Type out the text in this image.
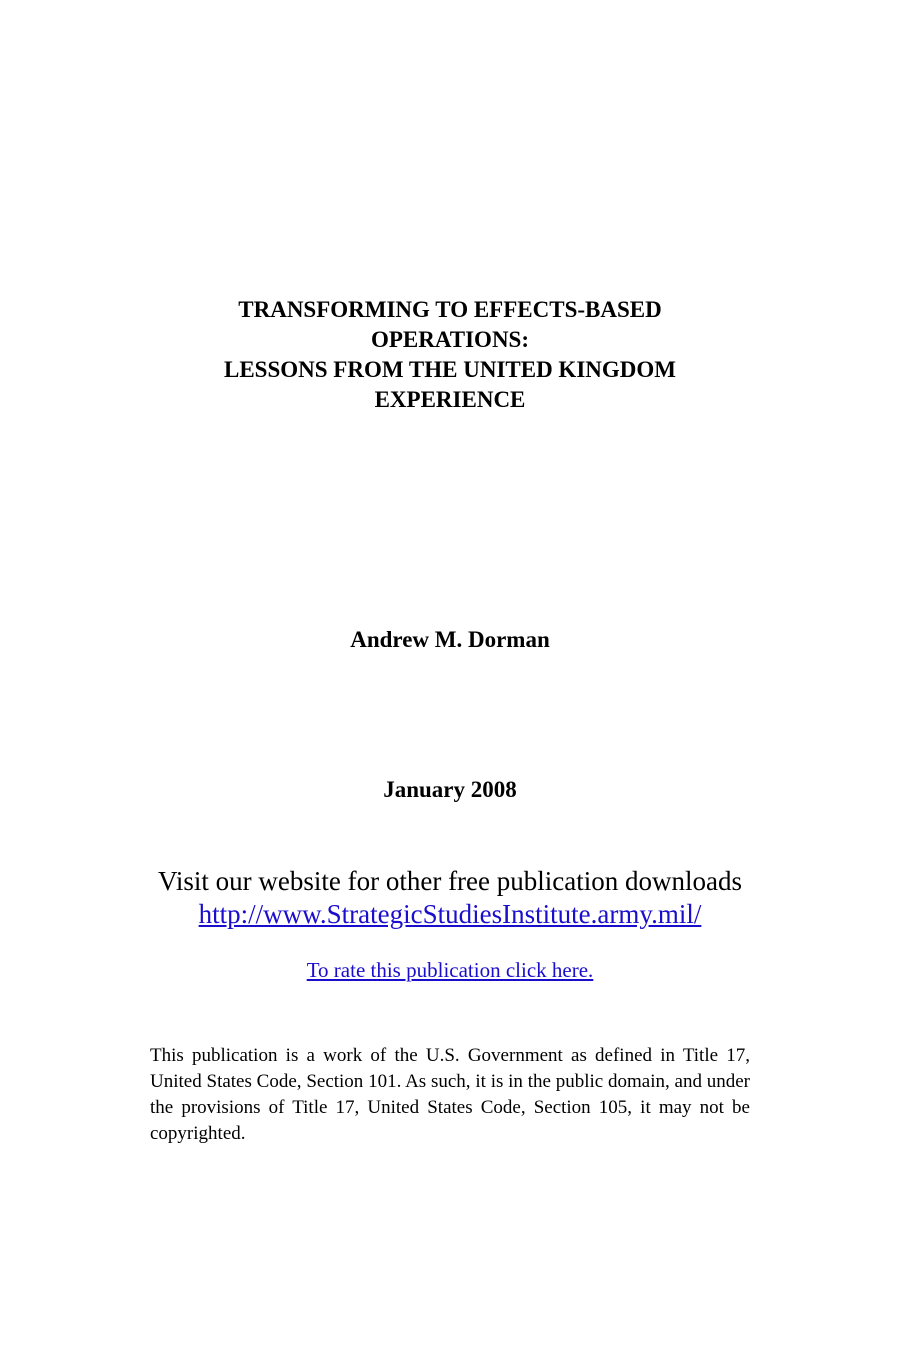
TRANSFORMING TO EFFECTS-BASED
OPERATIONS:
LESSONS FROM THE UNITED KINGDOM
EXPERIENCE
Andrew M. Dorman
January 2008
Visit our website for other free publication downloads
http://www.StrategicStudiesInstitute.army.mil/
To rate this publication click here.
This publication is a work of the U.S. Government as defined in Title 17, United States Code, Section 101. As such, it is in the public domain, and under the provisions of Title 17, United States Code, Section 105, it may not be copyrighted.
